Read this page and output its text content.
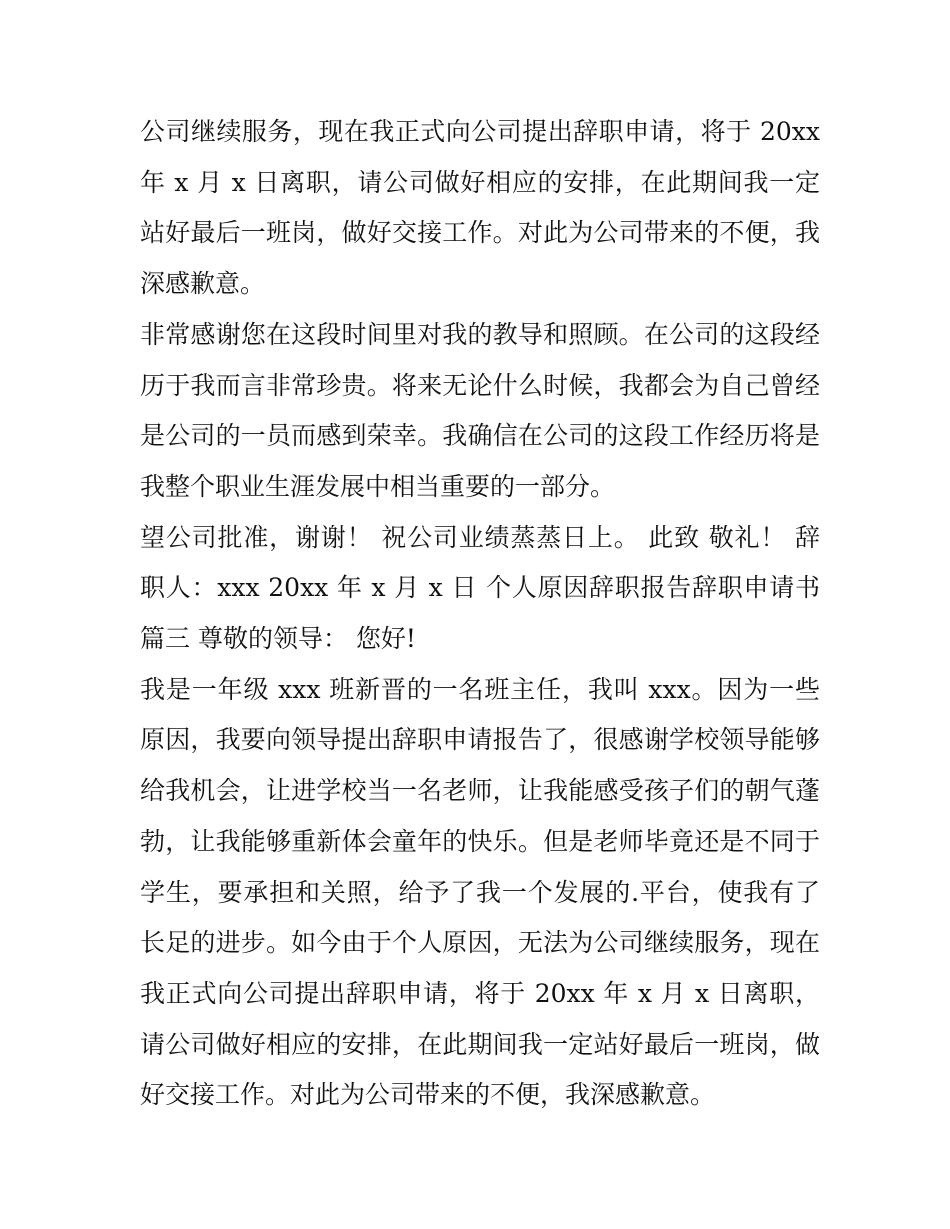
公司继续服务，现在我正式向公司提出辞职申请，将于 20xx 年 x 月 x 日离职，请公司做好相应的安排，在此期间我一定站好最后一班岗，做好交接工作。对此为公司带来的不便，我深感歉意。

非常感谢您在这段时间里对我的教导和照顾。在公司的这段经历于我而言非常珍贵。将来无论什么时候，我都会为自己曾经是公司的一员而感到荣幸。我确信在公司的这段工作经历将是我整个职业生涯发展中相当重要的一部分。

望公司批准，谢谢！ 祝公司业绩蒸蒸日上。 此致 敬礼！ 辞职人：xxx 20xx 年 x 月 x 日 个人原因辞职报告辞职申请书篇三 尊敬的领导： 您好!

我是一年级 xxx 班新晋的一名班主任，我叫 xxx。因为一些原因，我要向领导提出辞职申请报告了，很感谢学校领导能够给我机会，让进学校当一名老师，让我能感受孩子们的朝气蓬勃，让我能够重新体会童年的快乐。但是老师毕竟还是不同于学生，要承担和关照，给予了我一个发展的.平台，使我有了长足的进步。如今由于个人原因，无法为公司继续服务，现在我正式向公司提出辞职申请，将于 20xx 年 x 月 x 日离职，请公司做好相应的安排，在此期间我一定站好最后一班岗，做好交接工作。对此为公司带来的不便，我深感歉意。
